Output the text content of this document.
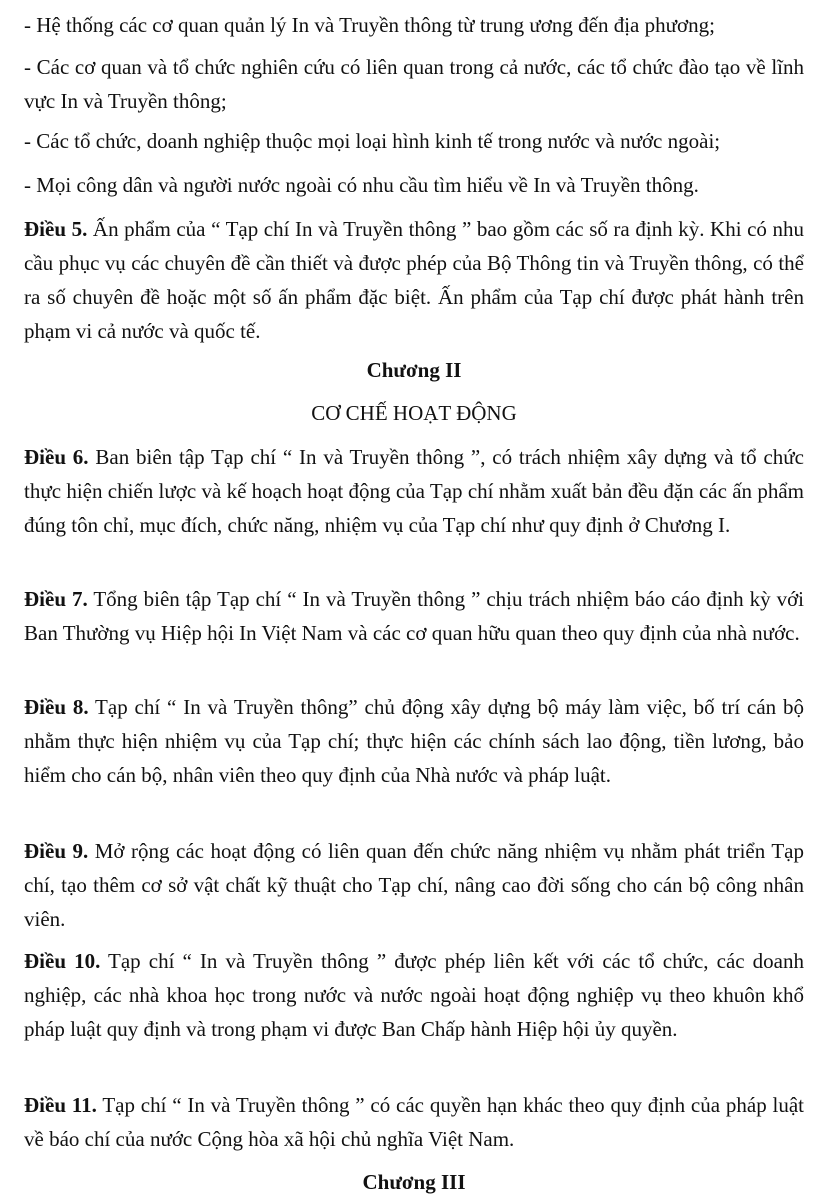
- Hệ thống các cơ quan quản lý In và Truyền thông từ trung ương đến địa phương;
- Các cơ quan và tổ chức nghiên cứu có liên quan trong cả nước, các tổ chức đào tạo về lĩnh vực In và Truyền thông;
- Các tổ chức, doanh nghiệp thuộc mọi loại hình kinh tế trong nước và nước ngoài;
- Mọi công dân và người nước ngoài có nhu cầu tìm hiểu về In và Truyền thông.
Điều 5. Ấn phẩm của “ Tạp chí In và Truyền thông ” bao gồm các số ra định kỳ. Khi có nhu cầu phục vụ các chuyên đề cần thiết và được phép của Bộ Thông tin và Truyền thông, có thể ra số chuyên đề hoặc một số ấn phẩm đặc biệt. Ấn phẩm của Tạp chí được phát hành trên phạm vi cả nước và quốc tế.
Chương II
CƠ CHẾ HOẠT ĐỘNG
Điều 6. Ban biên tập Tạp chí “ In và Truyền thông ”, có trách nhiệm xây dựng và tổ chức thực hiện chiến lược và kế hoạch hoạt động của Tạp chí nhằm xuất bản đều đặn các ấn phẩm đúng tôn chỉ, mục đích, chức năng, nhiệm vụ của Tạp chí như quy định ở Chương I.
Điều 7. Tổng biên tập Tạp chí “ In và Truyền thông ” chịu trách nhiệm báo cáo định kỳ với Ban Thường vụ Hiệp hội In Việt Nam và các cơ quan hữu quan theo quy định của nhà nước.
Điều 8. Tạp chí “ In và Truyền thông” chủ động xây dựng bộ máy làm việc, bố trí cán bộ nhằm thực hiện nhiệm vụ của Tạp chí; thực hiện các chính sách lao động, tiền lương, bảo hiểm cho cán bộ, nhân viên theo quy định của Nhà nước và pháp luật.
Điều 9. Mở rộng các hoạt động có liên quan đến chức năng nhiệm vụ nhằm phát triển Tạp chí, tạo thêm cơ sở vật chất kỹ thuật cho Tạp chí, nâng cao đời sống cho cán bộ công nhân viên.
Điều 10. Tạp chí “ In và Truyền thông ” được phép liên kết với các tổ chức, các doanh nghiệp, các nhà khoa học trong nước và nước ngoài hoạt động nghiệp vụ theo khuôn khổ pháp luật quy định và trong phạm vi được Ban Chấp hành Hiệp hội ủy quyền.
Điều 11. Tạp chí “ In và Truyền thông ” có các quyền hạn khác theo quy định của pháp luật về báo chí của nước Cộng hòa xã hội chủ nghĩa Việt Nam.
Chương III
